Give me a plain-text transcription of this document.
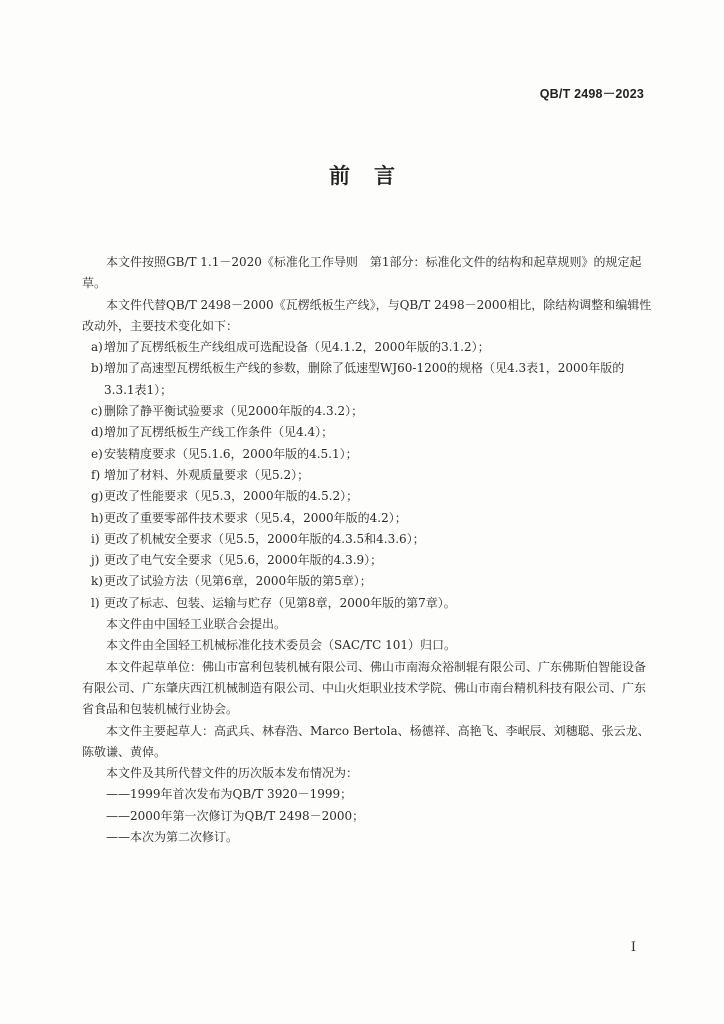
QB/T 2498－2023
前言

本文件按照GB/T 1.1－2020《标准化工作导则　第1部分：标准化文件的结构和起草规则》的规定起草。

本文件代替QB/T 2498－2000《瓦楞纸板生产线》，与QB/T 2498－2000相比，除结构调整和编辑性改动外，主要技术变化如下：

a) 增加了瓦楞纸板生产线组成可选配设备（见4.1.2，2000年版的3.1.2）；
b) 增加了高速型瓦楞纸板生产线的参数，删除了低速型WJ60-1200的规格（见4.3表1，2000年版的3.3.1表1）；
c) 删除了静平衡试验要求（见2000年版的4.3.2）；
d) 增加了瓦楞纸板生产线工作条件（见4.4）；
e) 安装精度要求（见5.1.6，2000年版的4.5.1）；
f) 增加了材料、外观质量要求（见5.2）；
g) 更改了性能要求（见5.3，2000年版的4.5.2）；
h) 更改了重要零部件技术要求（见5.4，2000年版的4.2）；
i) 更改了机械安全要求（见5.5，2000年版的4.3.5和4.3.6）；
j) 更改了电气安全要求（见5.6，2000年版的4.3.9）；
k) 更改了试验方法（见第6章，2000年版的第5章）；
l) 更改了标志、包装、运输与贮存（见第8章，2000年版的第7章）。

本文件由中国轻工业联合会提出。

本文件由全国轻工机械标准化技术委员会（SAC/TC 101）归口。

本文件起草单位：佛山市富利包装机械有限公司、佛山市南海众裕制辊有限公司、广东佛斯伯智能设备有限公司、广东肇庆西江机械制造有限公司、中山火炬职业技术学院、佛山市南台精机科技有限公司、广东省食品和包装机械行业协会。

本文件主要起草人：高武兵、林春浩、Marco Bertola、杨德祥、高艳飞、李岷辰、刘穗聪、张云龙、陈敬谦、黄倬。

本文件及其所代替文件的历次版本发布情况为：

——1999年首次发布为QB/T 3920－1999；

——2000年第一次修订为QB/T 2498－2000；

——本次为第二次修订。

I
